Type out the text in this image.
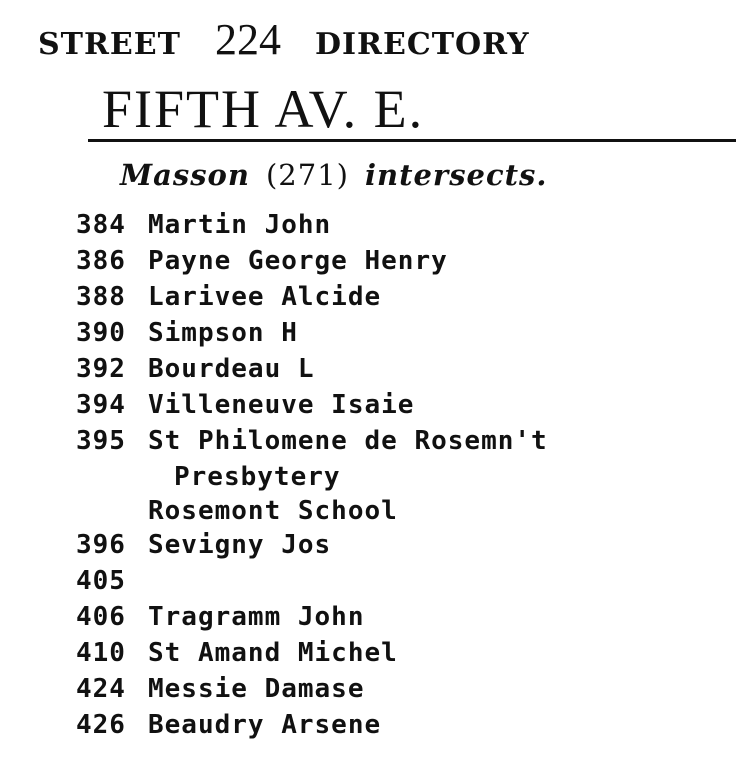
STREET 224 DIRECTORY
FIFTH AV. E.
Masson (271) intersects.
384 Martin John
386 Payne George Henry
388 Larivee Alcide
390 Simpson H
392 Bourdeau L
394 Villeneuve Isaie
395 St Philomene de Rosemn't
Presbytery
Rosemont School
396 Sevigny Jos
405
406 Tragramm John
410 St Amand Michel
424 Messie Damase
426 Beaudry Arsene
